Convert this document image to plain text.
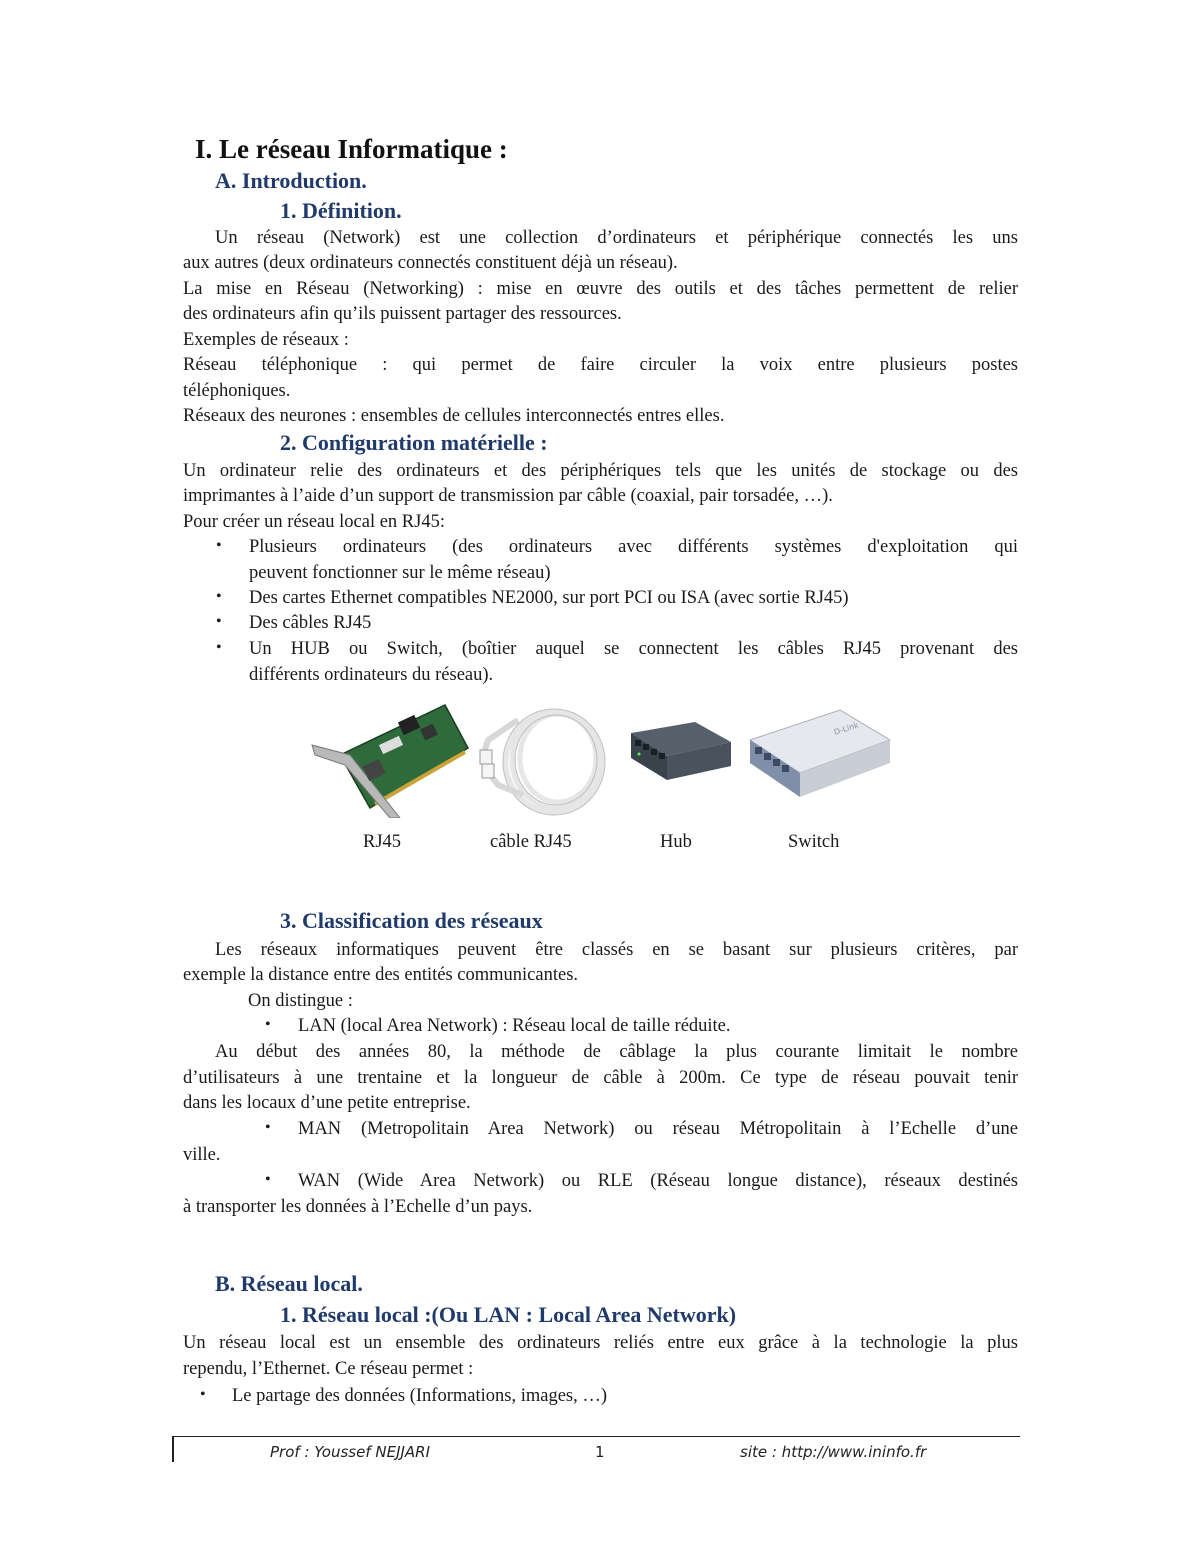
I. Le réseau Informatique :
A. Introduction.
1. Définition.
Un réseau (Network) est une collection d’ordinateurs et périphérique connectés les uns
aux autres (deux ordinateurs connectés constituent déjà un réseau).
La mise en Réseau (Networking) : mise en œuvre des outils et des tâches permettent de relier
des ordinateurs afin qu’ils puissent partager des ressources.
Exemples de réseaux :
Réseau téléphonique : qui permet de faire circuler la voix entre plusieurs postes
téléphoniques.
Réseaux des neurones : ensembles de cellules interconnectés entres elles.
2. Configuration matérielle :
Un ordinateur relie des ordinateurs et des périphériques tels que les unités de stockage ou des
imprimantes à l’aide d’un support de transmission par câble (coaxial, pair torsadée, …).
Pour créer un réseau local en RJ45:
• Plusieurs ordinateurs (des ordinateurs avec différents systèmes d'exploitation qui
peuvent fonctionner sur le même réseau)
• Des cartes Ethernet compatibles NE2000, sur port PCI ou ISA (avec sortie RJ45)
• Des câbles RJ45
• Un HUB ou Switch, (boîtier auquel se connectent les câbles RJ45 provenant des
différents ordinateurs du réseau).
D-Link
RJ45	câble RJ45	Hub	Switch
3. Classification des réseaux
Les réseaux informatiques peuvent être classés en se basant sur plusieurs critères, par
exemple la distance entre des entités communicantes.
On distingue :
• LAN (local Area Network) : Réseau local de taille réduite.
Au début des années 80, la méthode de câblage la plus courante limitait le nombre
d’utilisateurs à une trentaine et la longueur de câble à 200m. Ce type de réseau pouvait tenir
dans les locaux d’une petite entreprise.
• MAN (Metropolitain Area Network) ou réseau Métropolitain à l’Echelle d’une
ville.
• WAN (Wide Area Network) ou RLE (Réseau longue distance), réseaux destinés
à transporter les données à l’Echelle d’un pays.
B. Réseau local.
1. Réseau local :(Ou LAN : Local Area Network)
Un réseau local est un ensemble des ordinateurs reliés entre eux grâce à la technologie la plus
rependu, l’Ethernet. Ce réseau permet :
• Le partage des données (Informations, images, …)
Prof : Youssef NEJJARI	1	site : http://www.ininfo.fr
